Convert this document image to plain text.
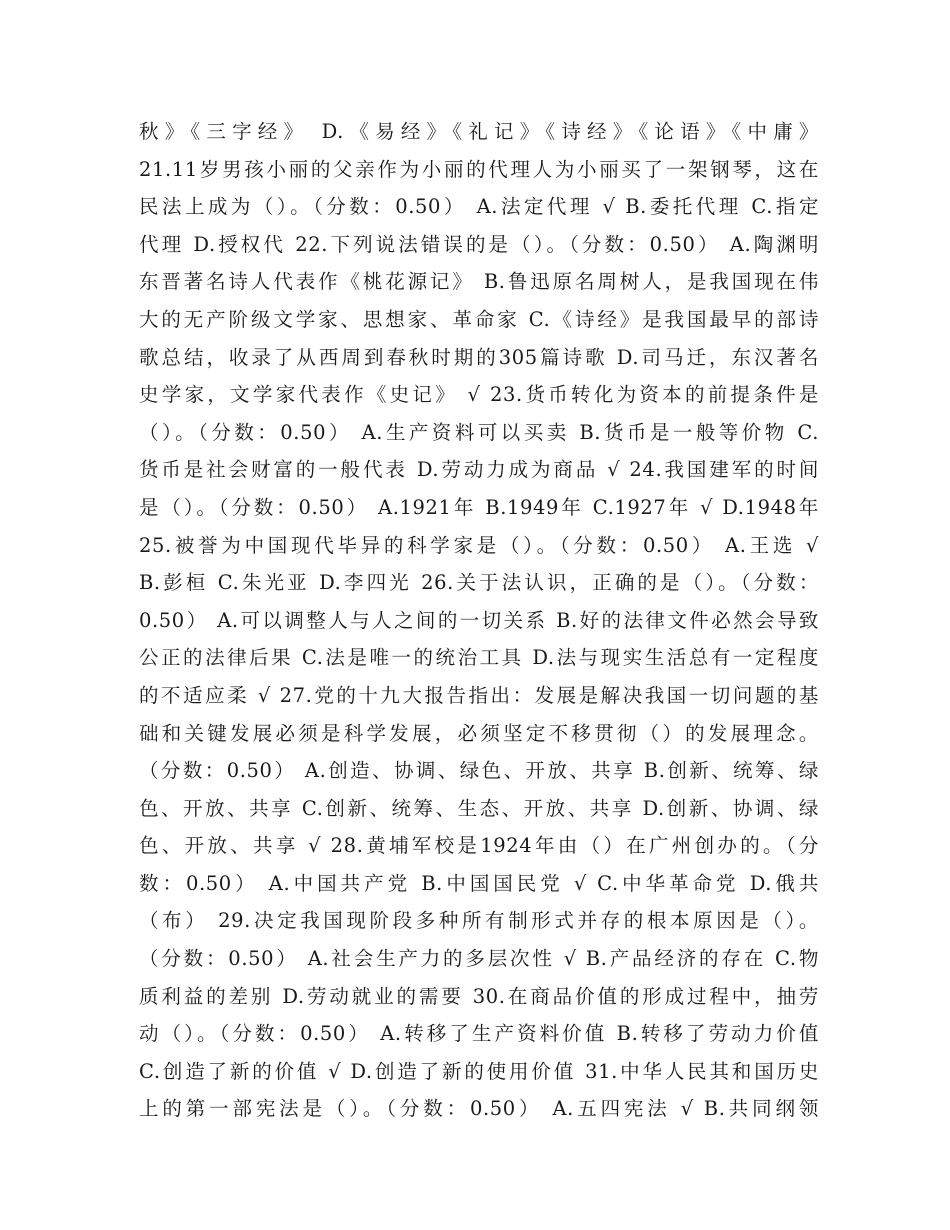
秋》《三字经》 D.《易经》《礼记》《诗经》《论语》《中庸》
21.11岁男孩小丽的父亲作为小丽的代理人为小丽买了一架钢琴，这在
民法上成为（）。（分数：0.50） A.法定代理 √ B.委托代理 C.指定
代理 D.授权代 22.下列说法错误的是（）。（分数：0.50） A.陶渊明
东晋著名诗人代表作《桃花源记》 B.鲁迅原名周树人，是我国现在伟
大的无产阶级文学家、思想家、革命家 C.《诗经》是我国最早的部诗
歌总结，收录了从西周到春秋时期的305篇诗歌 D.司马迁，东汉著名
史学家，文学家代表作《史记》 √ 23.货币转化为资本的前提条件是
（）。（分数：0.50） A.生产资料可以买卖 B.货币是一般等价物 C.
货币是社会财富的一般代表 D.劳动力成为商品 √ 24.我国建军的时间
是（）。（分数：0.50） A.1921年 B.1949年 C.1927年 √ D.1948年
25.被誉为中国现代毕异的科学家是（）。（分数：0.50） A.王选 √
B.彭桓 C.朱光亚 D.李四光 26.关于法认识，正确的是（）。（分数：
0.50） A.可以调整人与人之间的一切关系 B.好的法律文件必然会导致
公正的法律后果 C.法是唯一的统治工具 D.法与现实生活总有一定程度
的不适应柔 √ 27.党的十九大报告指出：发展是解决我国一切问题的基
础和关键发展必须是科学发展，必须坚定不移贯彻（）的发展理念。
（分数：0.50） A.创造、协调、绿色、开放、共享 B.创新、统筹、绿
色、开放、共享 C.创新、统筹、生态、开放、共享 D.创新、协调、绿
色、开放、共享 √ 28.黄埔军校是1924年由（）在广州创办的。（分
数：0.50） A.中国共产党 B.中国国民党 √ C.中华革命党 D.俄共
（布） 29.决定我国现阶段多种所有制形式并存的根本原因是（）。
（分数：0.50） A.社会生产力的多层次性 √ B.产品经济的存在 C.物
质利益的差别 D.劳动就业的需要 30.在商品价值的形成过程中，抽劳
动（）。（分数：0.50） A.转移了生产资料价值 B.转移了劳动力价值
C.创造了新的价值 √ D.创造了新的使用价值 31.中华人民其和国历史
上的第一部宪法是（）。（分数：0.50） A.五四宪法 √ B.共同纲领
